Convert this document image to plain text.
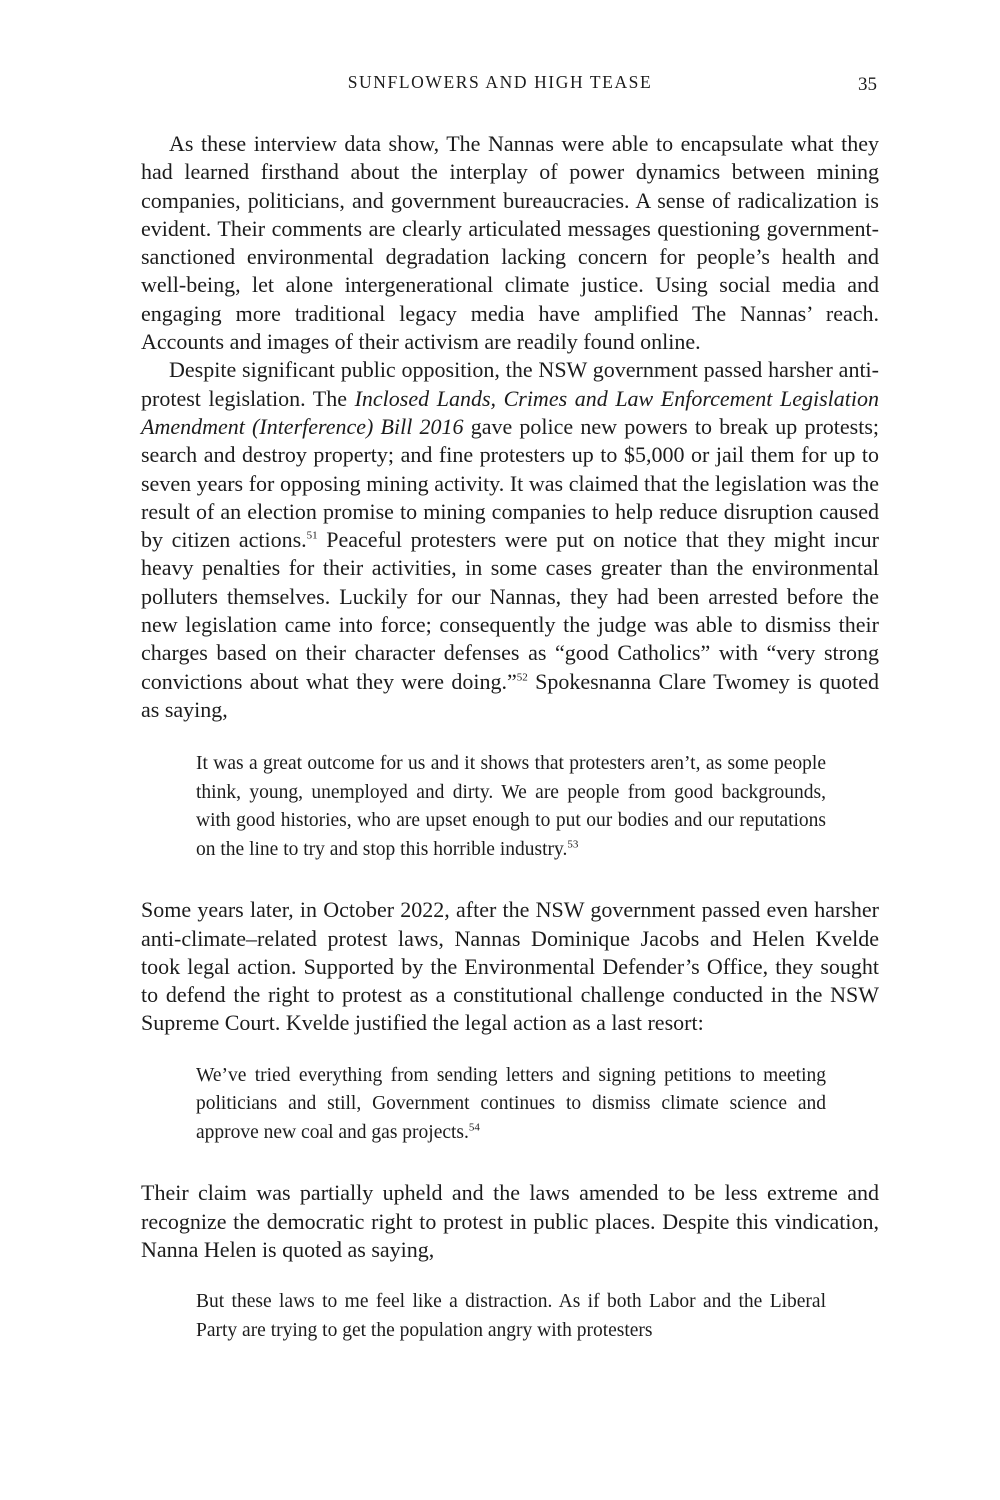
SUNFLOWERS AND HIGH TEASE	35

As these interview data show, The Nannas were able to encapsulate what they had learned firsthand about the interplay of power dynamics between mining companies, politicians, and government bureaucracies. A sense of radicalization is evident. Their comments are clearly articulated messages questioning government-sanctioned environmental degradation lacking concern for people’s health and well-being, let alone intergenerational climate justice. Using social media and engaging more traditional legacy media have amplified The Nannas’ reach. Accounts and images of their activism are readily found online.

Despite significant public opposition, the NSW government passed harsher anti-protest legislation. The Inclosed Lands, Crimes and Law Enforcement Legislation Amendment (Interference) Bill 2016 gave police new powers to break up protests; search and destroy property; and fine protesters up to $5,000 or jail them for up to seven years for opposing mining activity. It was claimed that the legislation was the result of an election promise to mining companies to help reduce disruption caused by citizen actions.$^{51}$ Peaceful protesters were put on notice that they might incur heavy penalties for their activities, in some cases greater than the environmental polluters themselves. Luckily for our Nannas, they had been arrested before the new legislation came into force; consequently the judge was able to dismiss their charges based on their character defenses as “good Catholics” with “very strong convictions about what they were doing.”$^{52}$ Spokesnanna Clare Twomey is quoted as saying,

It was a great outcome for us and it shows that protesters aren’t, as some people think, young, unemployed and dirty. We are people from good backgrounds, with good histories, who are upset enough to put our bodies and our reputations on the line to try and stop this horrible industry.$^{53}$

Some years later, in October 2022, after the NSW government passed even harsher anti-climate–related protest laws, Nannas Dominique Jacobs and Helen Kvelde took legal action. Supported by the Environmental Defender’s Office, they sought to defend the right to protest as a constitutional challenge conducted in the NSW Supreme Court. Kvelde justified the legal action as a last resort:

We’ve tried everything from sending letters and signing petitions to meeting politicians and still, Government continues to dismiss climate science and approve new coal and gas projects.$^{54}$

Their claim was partially upheld and the laws amended to be less extreme and recognize the democratic right to protest in public places. Despite this vindication, Nanna Helen is quoted as saying,

But these laws to me feel like a distraction. As if both Labor and the Liberal Party are trying to get the population angry with protesters
